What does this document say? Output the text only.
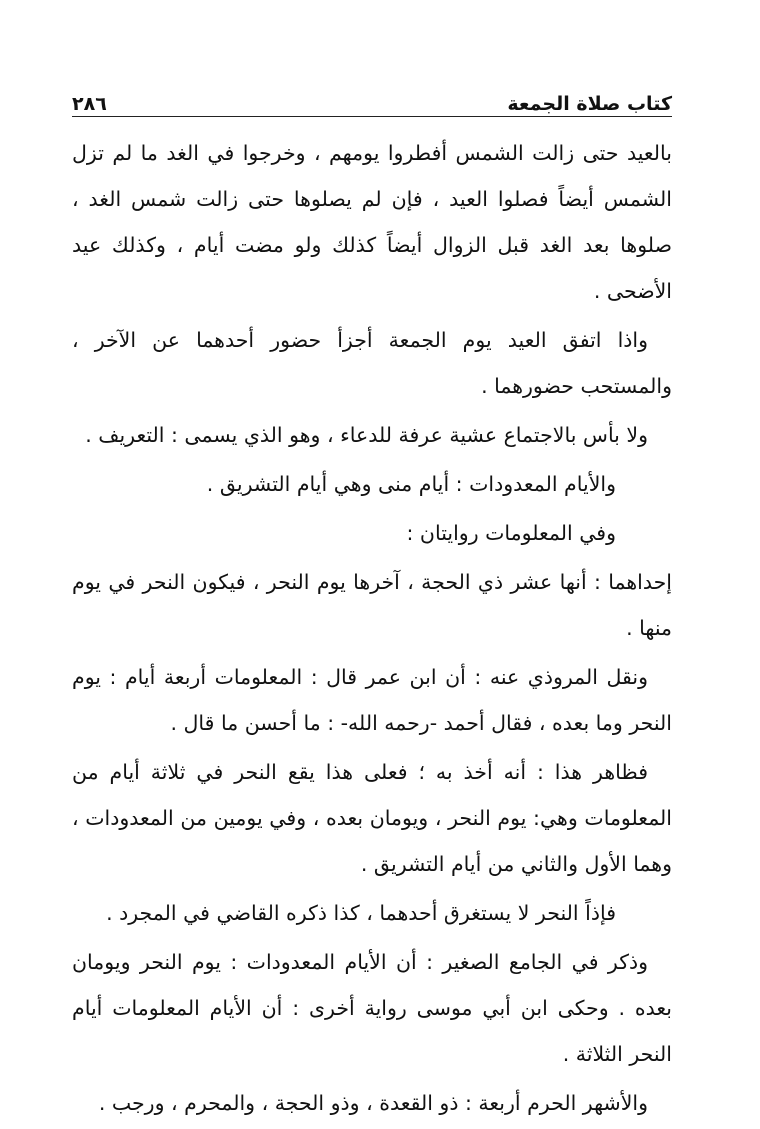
كتاب صلاة الجمعة
٢٨٦

بالعيد حتى زالت الشمس أفطروا يومهم ، وخرجوا في الغد ما لم تزل الشمس أيضاً فصلوا العيد ، فإن لم يصلوها حتى زالت شمس الغد ، صلوها بعد الغد قبل الزوال أيضاً كذلك ولو مضت أيام ، وكذلك عيد الأضحى .

واذا اتفق العيد يوم الجمعة أجزأ حضور أحدهما عن الآخر ، والمستحب حضورهما .

ولا بأس بالاجتماع عشية عرفة للدعاء ، وهو الذي يسمى : التعريف .

والأيام المعدودات : أيام منى وهي أيام التشريق .

وفي المعلومات روايتان :

إحداهما : أنها عشر ذي الحجة ، آخرها يوم النحر ، فيكون النحر في يوم منها .

ونقل المروذي عنه : أن ابن عمر قال : المعلومات أربعة أيام : يوم النحر وما بعده ، فقال أحمد -رحمه الله- : ما أحسن ما قال .

فظاهر هذا : أنه أخذ به ؛ فعلى هذا يقع النحر في ثلاثة أيام من المعلومات وهي: يوم النحر ، ويومان بعده ، وفي يومين من المعدودات ، وهما الأول والثاني من أيام التشريق .

فإذاً النحر لا يستغرق أحدهما ، كذا ذكره القاضي في المجرد .

وذكر في الجامع الصغير : أن الأيام المعدودات : يوم النحر ويومان بعده . وحكى ابن أبي موسى رواية أخرى : أن الأيام المعلومات أيام النحر الثلاثة .

والأشهر الحرم أربعة : ذو القعدة ، وذو الحجة ، والمحرم ، ورجب .
